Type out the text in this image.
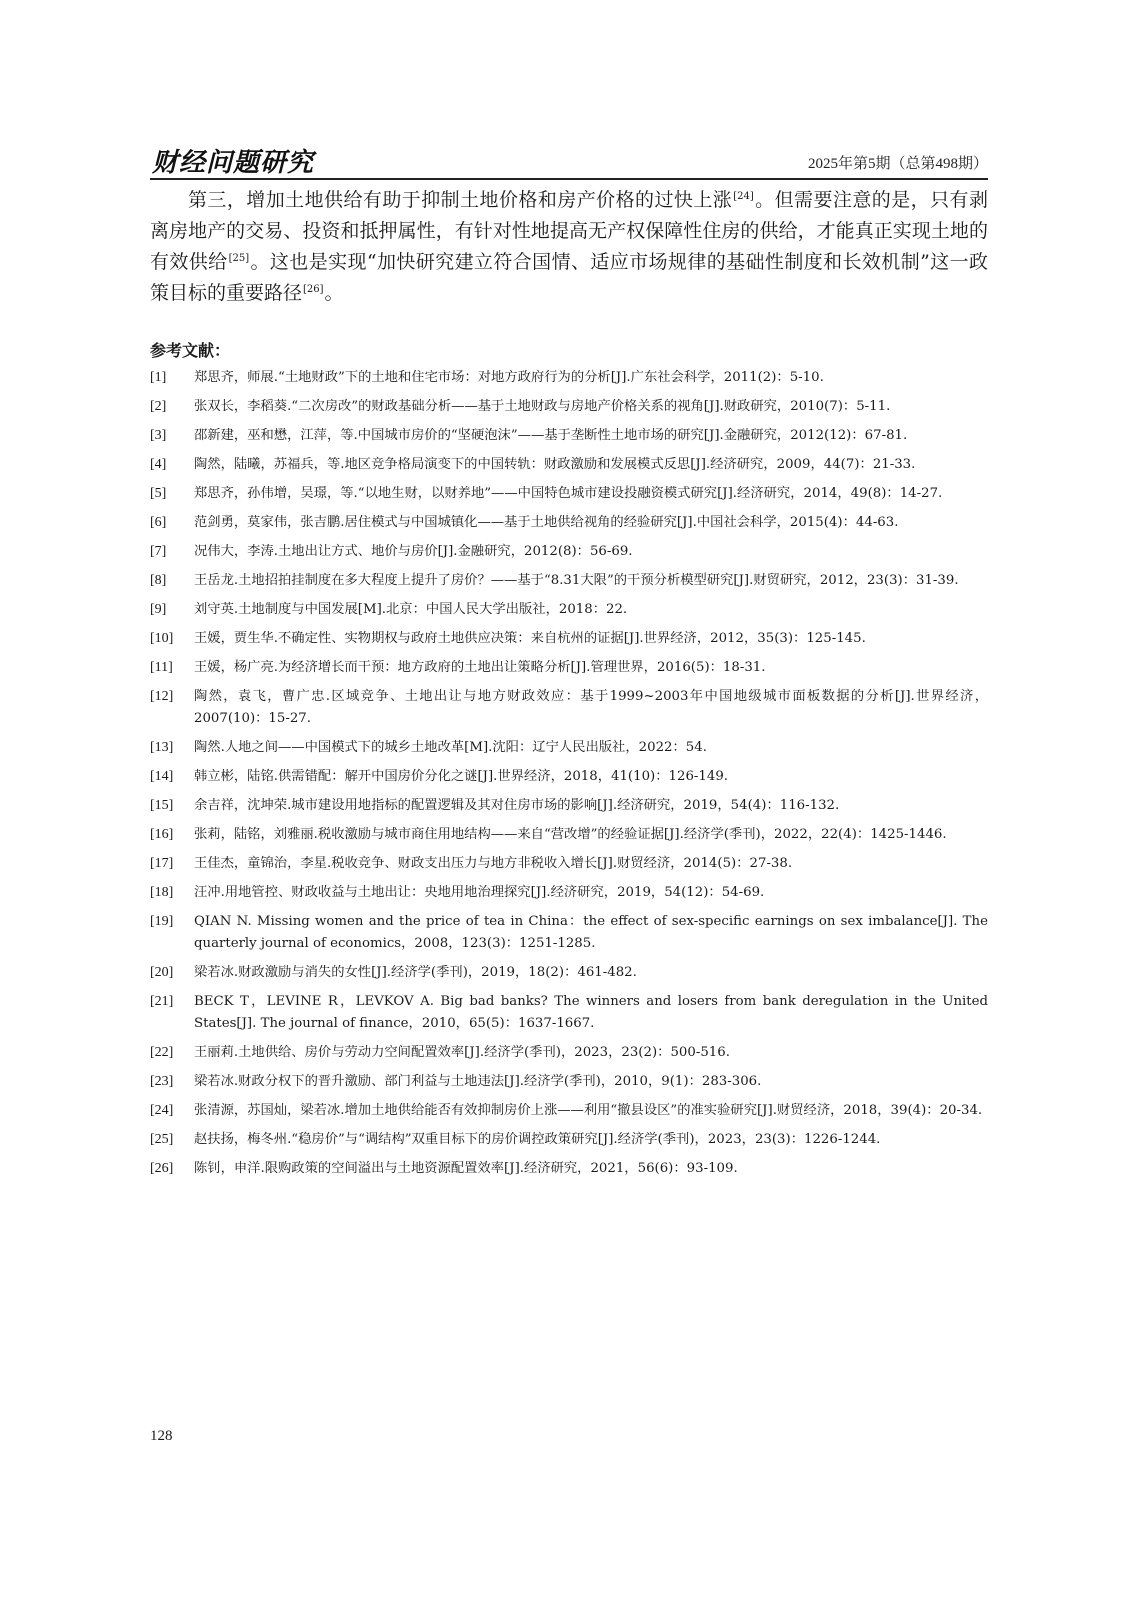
财经问题研究	2025年第5期（总第498期）

第三，增加土地供给有助于抑制土地价格和房产价格的过快上涨[24]。但需要注意的是，只有剥离房地产的交易、投资和抵押属性，有针对性地提高无产权保障性住房的供给，才能真正实现土地的有效供给[25]。这也是实现“加快研究建立符合国情、适应市场规律的基础性制度和长效机制”这一政策目标的重要路径[26]。

参考文献：
[1] 郑思齐，师展.“土地财政”下的土地和住宅市场：对地方政府行为的分析[J].广东社会科学，2011(2)：5-10.
[2] 张双长，李稻葵.“二次房改”的财政基础分析——基于土地财政与房地产价格关系的视角[J].财政研究，2010(7)：5-11.
[3] 邵新建，巫和懋，江萍，等.中国城市房价的“坚硬泡沫”——基于垄断性土地市场的研究[J].金融研究，2012(12)：67-81.
[4] 陶然，陆曦，苏福兵，等.地区竞争格局演变下的中国转轨：财政激励和发展模式反思[J].经济研究，2009，44(7)：21-33.
[5] 郑思齐，孙伟增，吴璟，等.“以地生财，以财养地”——中国特色城市建设投融资模式研究[J].经济研究，2014，49(8)：14-27.
[6] 范剑勇，莫家伟，张吉鹏.居住模式与中国城镇化——基于土地供给视角的经验研究[J].中国社会科学，2015(4)：44-63.
[7] 况伟大，李涛.土地出让方式、地价与房价[J].金融研究，2012(8)：56-69.
[8] 王岳龙.土地招拍挂制度在多大程度上提升了房价？——基于“8.31大限”的干预分析模型研究[J].财贸研究，2012，23(3)：31-39.
[9] 刘守英.土地制度与中国发展[M].北京：中国人民大学出版社，2018：22.
[10] 王媛，贾生华.不确定性、实物期权与政府土地供应决策：来自杭州的证据[J].世界经济，2012，35(3)：125-145.
[11] 王媛，杨广亮.为经济增长而干预：地方政府的土地出让策略分析[J].管理世界，2016(5)：18-31.
[12] 陶然，袁飞，曹广忠.区域竞争、土地出让与地方财政效应：基于1999~2003年中国地级城市面板数据的分析[J].世界经济，2007(10)：15-27.
[13] 陶然.人地之间——中国模式下的城乡土地改革[M].沈阳：辽宁人民出版社，2022：54.
[14] 韩立彬，陆铭.供需错配：解开中国房价分化之谜[J].世界经济，2018，41(10)：126-149.
[15] 余吉祥，沈坤荣.城市建设用地指标的配置逻辑及其对住房市场的影响[J].经济研究，2019，54(4)：116-132.
[16] 张莉，陆铭，刘雅丽.税收激励与城市商住用地结构——来自“营改增”的经验证据[J].经济学(季刊)，2022，22(4)：1425-1446.
[17] 王佳杰，童锦治，李星.税收竞争、财政支出压力与地方非税收入增长[J].财贸经济，2014(5)：27-38.
[18] 汪冲.用地管控、财政收益与土地出让：央地用地治理探究[J].经济研究，2019，54(12)：54-69.
[19] QIAN N. Missing women and the price of tea in China：the effect of sex-specific earnings on sex imbalance[J]. The quarterly journal of economics，2008，123(3)：1251-1285.
[20] 梁若冰.财政激励与消失的女性[J].经济学(季刊)，2019，18(2)：461-482.
[21] BECK T，LEVINE R，LEVKOV A. Big bad banks? The winners and losers from bank deregulation in the United States[J]. The journal of finance，2010，65(5)：1637-1667.
[22] 王丽莉.土地供给、房价与劳动力空间配置效率[J].经济学(季刊)，2023，23(2)：500-516.
[23] 梁若冰.财政分权下的晋升激励、部门利益与土地违法[J].经济学(季刊)，2010，9(1)：283-306.
[24] 张清源，苏国灿，梁若冰.增加土地供给能否有效抑制房价上涨——利用“撤县设区”的准实验研究[J].财贸经济，2018，39(4)：20-34.
[25] 赵扶扬，梅冬州.“稳房价”与“调结构”双重目标下的房价调控政策研究[J].经济学(季刊)，2023，23(3)：1226-1244.
[26] 陈钊，申洋.限购政策的空间溢出与土地资源配置效率[J].经济研究，2021，56(6)：93-109.
128
